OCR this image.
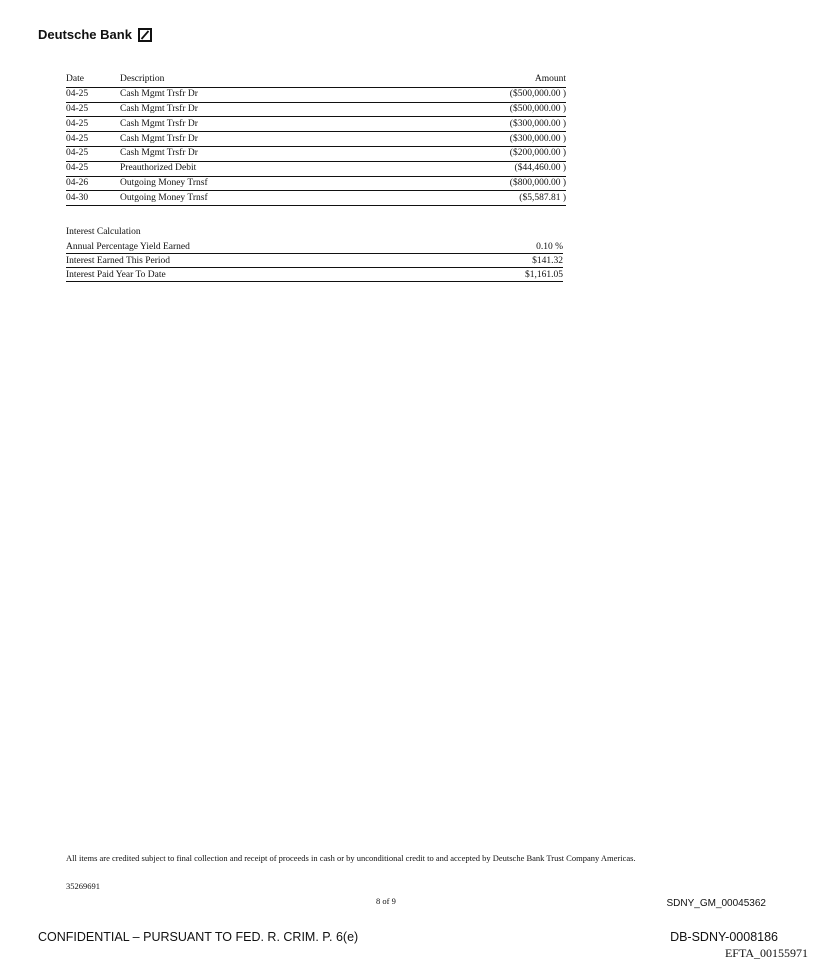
Deutsche Bank
Date	Description	Amount
04-25	Cash Mgmt Trsfr Dr	($500,000.00 )
04-25	Cash Mgmt Trsfr Dr	($500,000.00 )
04-25	Cash Mgmt Trsfr Dr	($300,000.00 )
04-25	Cash Mgmt Trsfr Dr	($300,000.00 )
04-25	Cash Mgmt Trsfr Dr	($200,000.00 )
04-25	Preauthorized Debit	($44,460.00 )
04-26	Outgoing Money Trnsf	($800,000.00 )
04-30	Outgoing Money Trnsf	($5,587.81 )
Interest Calculation
Annual Percentage Yield Earned	0.10 %
Interest Earned This Period	$141.32
Interest Paid Year To Date	$1,161.05
All items are credited subject to final collection and receipt of proceeds in cash or by unconditional credit to and accepted by Deutsche Bank Trust Company Americas.
35269691
8 of 9	SDNY_GM_00045362
CONFIDENTIAL – PURSUANT TO FED. R. CRIM. P. 6(e)	DB-SDNY-0008186
EFTA_00155971
